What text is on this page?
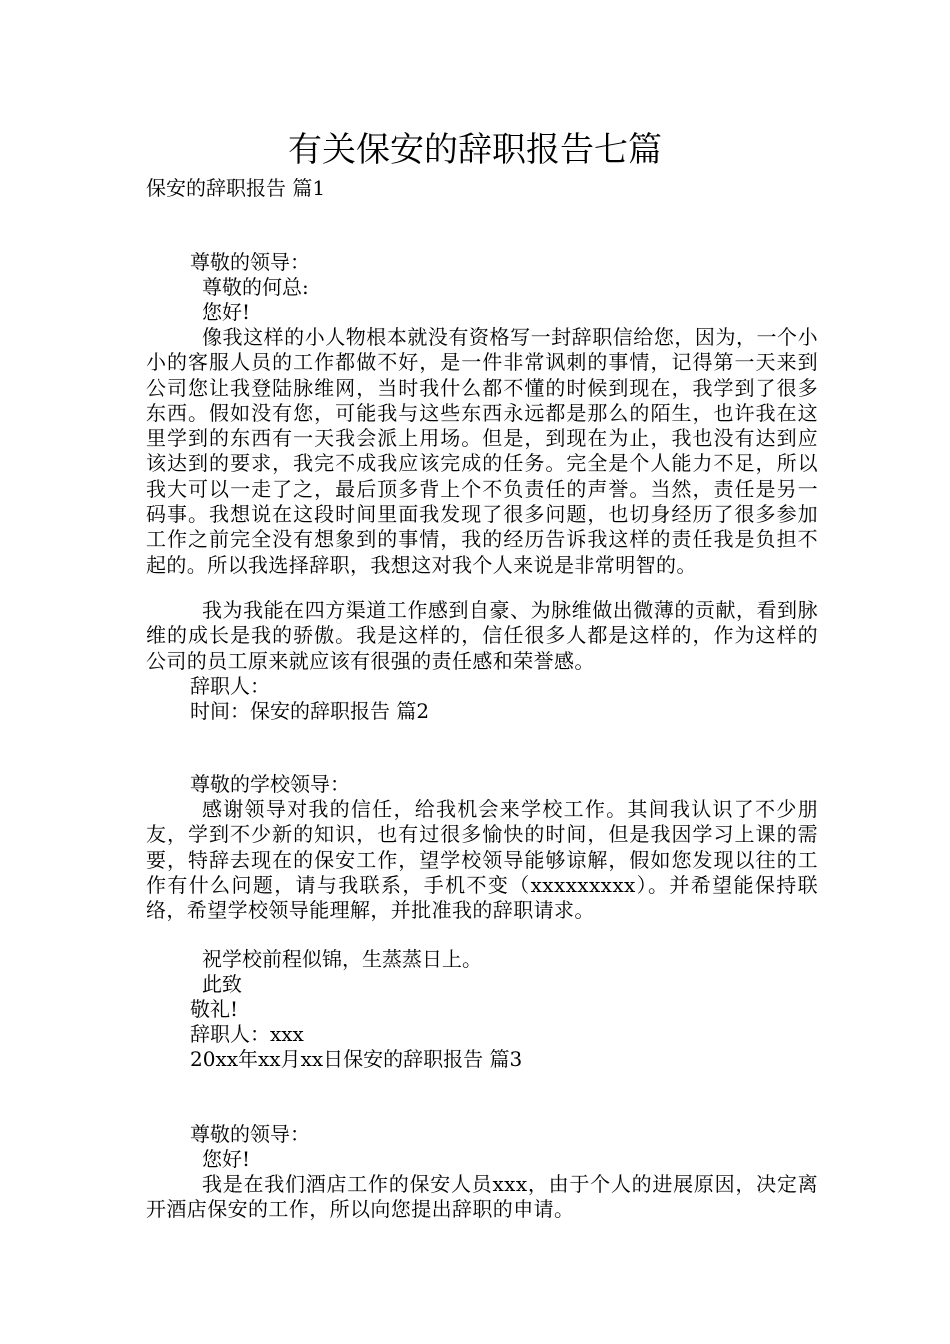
有关保安的辞职报告七篇

保安的辞职报告 篇1

尊敬的领导：

尊敬的何总:

您好!

像我这样的小人物根本就没有资格写一封辞职信给您，因为，一个小小的客服人员的工作都做不好，是一件非常讽刺的事情，记得第一天来到公司您让我登陆脉维网，当时我什么都不懂的时候到现在，我学到了很多东西。假如没有您，可能我与这些东西永远都是那么的陌生，也许我在这里学到的东西有一天我会派上用场。但是，到现在为止，我也没有达到应该达到的要求，我完不成我应该完成的任务。完全是个人能力不足，所以我大可以一走了之，最后顶多背上个不负责任的声誉。当然，责任是另一码事。我想说在这段时间里面我发现了很多问题，也切身经历了很多参加工作之前完全没有想象到的事情，我的经历告诉我这样的责任我是负担不起的。所以我选择辞职，我想这对我个人来说是非常明智的。

我为我能在四方渠道工作感到自豪、为脉维做出微薄的贡献，看到脉维的成长是我的骄傲。我是这样的，信任很多人都是这样的，作为这样的公司的员工原来就应该有很强的责任感和荣誉感。

辞职人：

时间：保安的辞职报告 篇2

尊敬的学校领导：

感谢领导对我的信任，给我机会来学校工作。其间我认识了不少朋友，学到不少新的知识，也有过很多愉快的时间，但是我因学习上课的需要，特辞去现在的保安工作，望学校领导能够谅解，假如您发现以往的工作有什么问题，请与我联系，手机不变（xxxxxxxxx）。并希望能保持联络，希望学校领导能理解，并批准我的辞职请求。

祝学校前程似锦，生蒸蒸日上。

此致

敬礼!

辞职人：xxx

20xx年xx月xx日保安的辞职报告 篇3

尊敬的领导：

您好!

我是在我们酒店工作的保安人员xxx，由于个人的进展原因，决定离开酒店保安的工作，所以向您提出辞职的申请。
